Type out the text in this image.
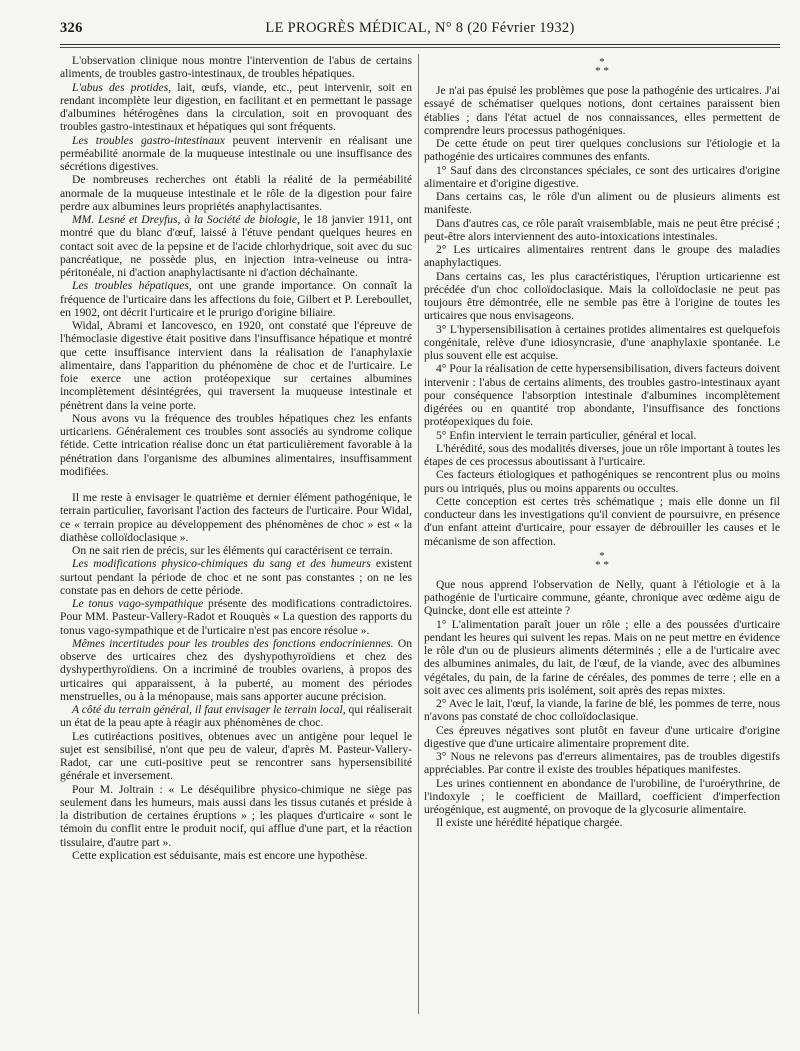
326	LE PROGRÈS MÉDICAL, N° 8 (20 Février 1932)

L'observation clinique nous montre l'intervention de l'abus de certains aliments, de troubles gastro-intestinaux, de troubles hépatiques.

L'abus des protides, lait, œufs, viande, etc., peut intervenir, soit en rendant incomplète leur digestion, en facilitant et en permettant le passage d'albumines hétérogènes dans la circulation, soit en provoquant des troubles gastro-intestinaux et hépatiques qui sont fréquents.

Les troubles gastro-intestinaux peuvent intervenir en réalisant une perméabilité anormale de la muqueuse intestinale ou une insuffisance des sécrétions digestives.

De nombreuses recherches ont établi la réalité de la perméabilité anormale de la muqueuse intestinale et le rôle de la digestion pour faire perdre aux albumines leurs propriétés anaphylactisantes.

MM. Lesné et Dreyfus, à la Société de biologie, le 18 janvier 1911, ont montré que du blanc d'œuf, laissé à l'étuve pendant quelques heures en contact soit avec de la pepsine et de l'acide chlorhydrique, soit avec du suc pancréatique, ne possède plus, en injection intra-veineuse ou intra-péritonéale, ni d'action anaphylactisante ni d'action déchaînante.

Les troubles hépatiques, ont une grande importance. On connaît la fréquence de l'urticaire dans les affections du foie, Gilbert et P. Lereboullet, en 1902, ont décrit l'urticaire et le prurigo d'origine biliaire.

Widal, Abrami et Iancovesco, en 1920, ont constaté que l'épreuve de l'hémoclasie digestive était positive dans l'insuffisance hépatique et montré que cette insuffisance intervient dans la réalisation de l'anaphylaxie alimentaire, dans l'apparition du phénomène de choc et de l'urticaire. Le foie exerce une action protéopexique sur certaines albumines incomplètement désintégrées, qui traversent la muqueuse intestinale et pénètrent dans la veine porte.

Nous avons vu la fréquence des troubles hépatiques chez les enfants urticariens. Généralement ces troubles sont associés au syndrome colique fétide. Cette intrication réalise donc un état particulièrement favorable à la pénétration dans l'organisme des albumines alimentaires, insuffisamment modifiées.

Il me reste à envisager le quatrième et dernier élément pathogénique, le terrain particulier, favorisant l'action des facteurs de l'urticaire. Pour Widal, ce « terrain propice au développement des phénomènes de choc » est « la diathèse colloïdoclasique ».

On ne sait rien de précis, sur les éléments qui caractérisent ce terrain.

Les modifications physico-chimiques du sang et des humeurs existent surtout pendant la période de choc et ne sont pas constantes ; on ne les constate pas en dehors de cette période.

Le tonus vago-sympathique présente des modifications contradictoires. Pour MM. Pasteur-Vallery-Radot et Rouquès « La question des rapports du tonus vago-sympathique et de l'urticaire n'est pas encore résolue ».

Mêmes incertitudes pour les troubles des fonctions endocriniennes. On observe des urticaires chez des dyshypothyroïdiens et chez des dyshyperthyroïdiens. On a incriminé de troubles ovariens, à propos des urticaires qui apparaissent, à la puberté, au moment des périodes menstruelles, ou à la ménopause, mais sans apporter aucune précision.

A côté du terrain général, il faut envisager le terrain local, qui réaliserait un état de la peau apte à réagir aux phénomènes de choc.

Les cutiréactions positives, obtenues avec un antigène pour lequel le sujet est sensibilisé, n'ont que peu de valeur, d'après M. Pasteur-Vallery-Radot, car une cuti-positive peut se rencontrer sans hypersensibilité générale et inversement.

Pour M. Joltrain : « Le déséquilibre physico-chimique ne siège pas seulement dans les humeurs, mais aussi dans les tissus cutanés et préside à la distribution de certaines éruptions » ; les plaques d'urticaire « sont le témoin du conflit entre le produit nocif, qui afflue d'une part, et la réaction tissulaire, d'autre part ».

Cette explication est séduisante, mais est encore une hypothèse.

*
* *

Je n'ai pas épuisé les problèmes que pose la pathogénie des urticaires. J'ai essayé de schématiser quelques notions, dont certaines paraissent bien établies ; dans l'état actuel de nos connaissances, elles permettent de comprendre leurs processus pathogéniques.

De cette étude on peut tirer quelques conclusions sur l'étiologie et la pathogénie des urticaires communes des enfants.

1° Sauf dans des circonstances spéciales, ce sont des urticaires d'origine alimentaire et d'origine digestive.

Dans certains cas, le rôle d'un aliment ou de plusieurs aliments est manifeste.

Dans d'autres cas, ce rôle paraît vraisemblable, mais ne peut être précisé ; peut-être alors interviennent des auto-intoxications intestinales.

2° Les urticaires alimentaires rentrent dans le groupe des maladies anaphylactiques.

Dans certains cas, les plus caractéristiques, l'éruption urticarienne est précédée d'un choc colloïdoclasique. Mais la colloïdoclasie ne peut pas toujours être démontrée, elle ne semble pas être à l'origine de toutes les urticaires que nous envisageons.

3° L'hypersensibilisation à certaines protides alimentaires est quelquefois congénitale, relève d'une idiosyncrasie, d'une anaphylaxie spontanée. Le plus souvent elle est acquise.

4° Pour la réalisation de cette hypersensibilisation, divers facteurs doivent intervenir : l'abus de certains aliments, des troubles gastro-intestinaux ayant pour conséquence l'absorption intestinale d'albumines incomplètement digérées ou en quantité trop abondante, l'insuffisance des fonctions protéopexiques du foie.

5° Enfin intervient le terrain particulier, général et local.

L'hérédité, sous des modalités diverses, joue un rôle important à toutes les étapes de ces processus aboutissant à l'urticaire.

Ces facteurs étiologiques et pathogéniques se rencontrent plus ou moins purs ou intriqués, plus ou moins apparents ou occultes.

Cette conception est certes très schématique ; mais elle donne un fil conducteur dans les investigations qu'il convient de poursuivre, en présence d'un enfant atteint d'urticaire, pour essayer de débrouiller les causes et le mécanisme de son affection.

*
* *

Que nous apprend l'observation de Nelly, quant à l'étiologie et à la pathogénie de l'urticaire commune, géante, chronique avec œdème aigu de Quincke, dont elle est atteinte ?

1° L'alimentation paraît jouer un rôle ; elle a des poussées d'urticaire pendant les heures qui suivent les repas. Mais on ne peut mettre en évidence le rôle d'un ou de plusieurs aliments déterminés ; elle a de l'urticaire avec des albumines animales, du lait, de l'œuf, de la viande, avec des albumines végétales, du pain, de la farine de céréales, des pommes de terre ; elle en a soit avec ces aliments pris isolément, soit après des repas mixtes.

2° Avec le lait, l'œuf, la viande, la farine de blé, les pommes de terre, nous n'avons pas constaté de choc colloïdoclasique.

Ces épreuves négatives sont plutôt en faveur d'une urticaire d'origine digestive que d'une urticaire alimentaire proprement dite.

3° Nous ne relevons pas d'erreurs alimentaires, pas de troubles digestifs appréciables. Par contre il existe des troubles hépatiques manifestes.

Les urines contiennent en abondance de l'urobiline, de l'uroérythrine, de l'indoxyle ; le coefficient de Maillard, coefficient d'imperfection uréogénique, est augmenté, on provoque de la glycosurie alimentaire.

Il existe une hérédité hépatique chargée.
